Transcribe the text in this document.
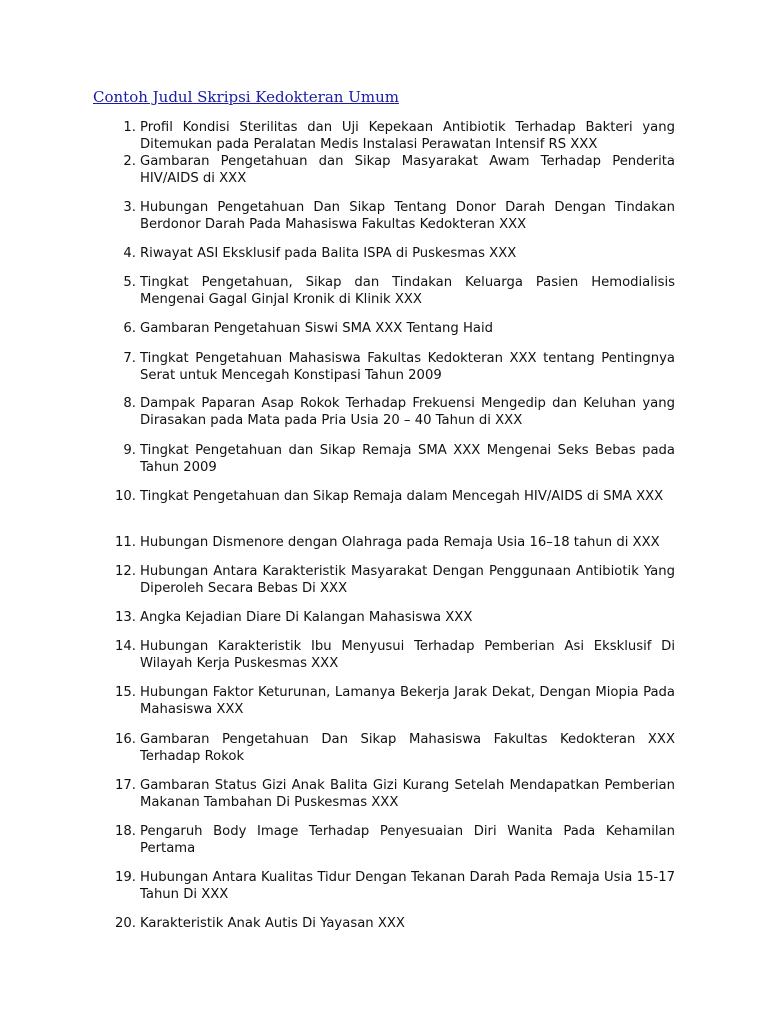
Contoh Judul Skripsi Kedokteran Umum
1. Profil Kondisi Sterilitas dan Uji Kepekaan Antibiotik Terhadap Bakteri yang Ditemukan pada Peralatan Medis Instalasi Perawatan Intensif RS XXX
2. Gambaran Pengetahuan dan Sikap Masyarakat Awam Terhadap Penderita HIV/AIDS di XXX
3. Hubungan Pengetahuan Dan Sikap Tentang Donor Darah Dengan Tindakan Berdonor Darah Pada Mahasiswa Fakultas Kedokteran XXX
4. Riwayat ASI Eksklusif pada Balita ISPA di Puskesmas XXX
5. Tingkat Pengetahuan, Sikap dan Tindakan Keluarga Pasien Hemodialisis Mengenai Gagal Ginjal Kronik di Klinik XXX
6. Gambaran Pengetahuan Siswi SMA XXX Tentang Haid
7. Tingkat Pengetahuan Mahasiswa Fakultas Kedokteran XXX tentang Pentingnya Serat untuk Mencegah Konstipasi Tahun 2009
8. Dampak Paparan Asap Rokok Terhadap Frekuensi Mengedip dan Keluhan yang Dirasakan pada Mata pada Pria Usia 20 – 40 Tahun di XXX
9. Tingkat Pengetahuan dan Sikap Remaja SMA XXX Mengenai Seks Bebas pada Tahun 2009
10. Tingkat Pengetahuan dan Sikap Remaja dalam Mencegah HIV/AIDS di SMA XXX
11. Hubungan Dismenore dengan Olahraga pada Remaja Usia 16–18 tahun di XXX
12. Hubungan Antara Karakteristik Masyarakat Dengan Penggunaan Antibiotik Yang Diperoleh Secara Bebas Di XXX
13. Angka Kejadian Diare Di Kalangan Mahasiswa XXX
14. Hubungan Karakteristik Ibu Menyusui Terhadap Pemberian Asi Eksklusif Di Wilayah Kerja Puskesmas XXX
15. Hubungan Faktor Keturunan, Lamanya Bekerja Jarak Dekat, Dengan Miopia Pada Mahasiswa XXX
16. Gambaran Pengetahuan Dan Sikap Mahasiswa Fakultas Kedokteran XXX Terhadap Rokok
17. Gambaran Status Gizi Anak Balita Gizi Kurang Setelah Mendapatkan Pemberian Makanan Tambahan Di Puskesmas XXX
18. Pengaruh Body Image Terhadap Penyesuaian Diri Wanita Pada Kehamilan Pertama
19. Hubungan Antara Kualitas Tidur Dengan Tekanan Darah Pada Remaja Usia 15-17 Tahun Di XXX
20. Karakteristik Anak Autis Di Yayasan XXX
